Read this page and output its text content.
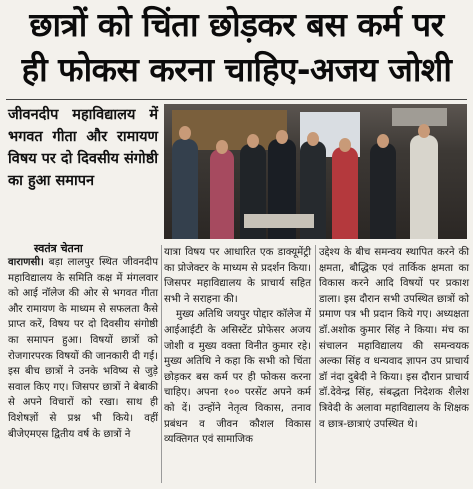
छात्रों को चिंता छोड़कर बस कर्म पर
ही फोकस करना चाहिए-अजय जोशी
जीवनदीप महाविद्यालय में भगवत गीता और रामायण विषय पर दो दिवसीय संगोष्ठी का हुआ समापन
स्वतंत्र चेतना

वाराणसी। बड़ा लालपुर स्थित जीवनदीप महाविद्यालय के समिति कक्ष में मंगलवार को आई नॉलेज की ओर से भगवत गीता और रामायण के माध्यम से सफलता कैसे प्राप्त करें, विषय पर दो दिवसीय संगोष्ठी का समापन हुआ। विषयों छात्रों को रोजगारपरक विषयों की जानकारी दी गई। इस बीच छात्रों ने उनके भविष्य से जुड़े सवाल किए गए। जिसपर छात्रों ने बेबाकी से अपने विचारों को रखा। साथ ही विशेषज्ञों से प्रश्न भी किये। वहीं बीजेएमएस द्वितीय वर्ष के छात्रों ने

यात्रा विषय पर आधारित एक डाक्यूमेंट्री का प्रोजेक्टर के माध्यम से प्रदर्शन किया। जिसपर महाविद्यालय के प्राचार्य सहित सभी ने सराहना की।

मुख्य अतिथि जयपुर पोद्दार कॉलेज में आईआईटी के असिस्टेंट प्रोफेसर अजय जोशी व मुख्य वक्ता विनीत कुमार रहे। मुख्य अतिथि ने कहा कि सभी को चिंता छोड़कर बस कर्म पर ही फोकस करना चाहिए। अपना १०० परसेंट अपने कर्म को दें। उन्होंने नेतृत्व विकास, तनाव प्रबंधन व जीवन कौशल विकास व्यक्तिगत एवं सामाजिक

उद्देश्य के बीच समन्वय स्थापित करने की क्षमता, बौद्धिक एवं तार्किक क्षमता का विकास करने आदि विषयों पर प्रकाश डाला। इस दौरान सभी उपस्थित छात्रों को प्रमाण पत्र भी प्रदान किये गए। अध्यक्षता डॉ.अशोक कुमार सिंह ने किया। मंच का संचालन महाविद्यालय की समन्वयक अल्का सिंह व धन्यवाद ज्ञापन उप प्राचार्य डॉ नंदा दुबेदी ने किया। इस दौरान प्राचार्य डॉ.देवेन्द्र सिंह, संबद्धता निदेशक शैलेश त्रिवेदी के अलावा महाविद्यालय के शिक्षक व छात्र-छात्राएं उपस्थित थे।
